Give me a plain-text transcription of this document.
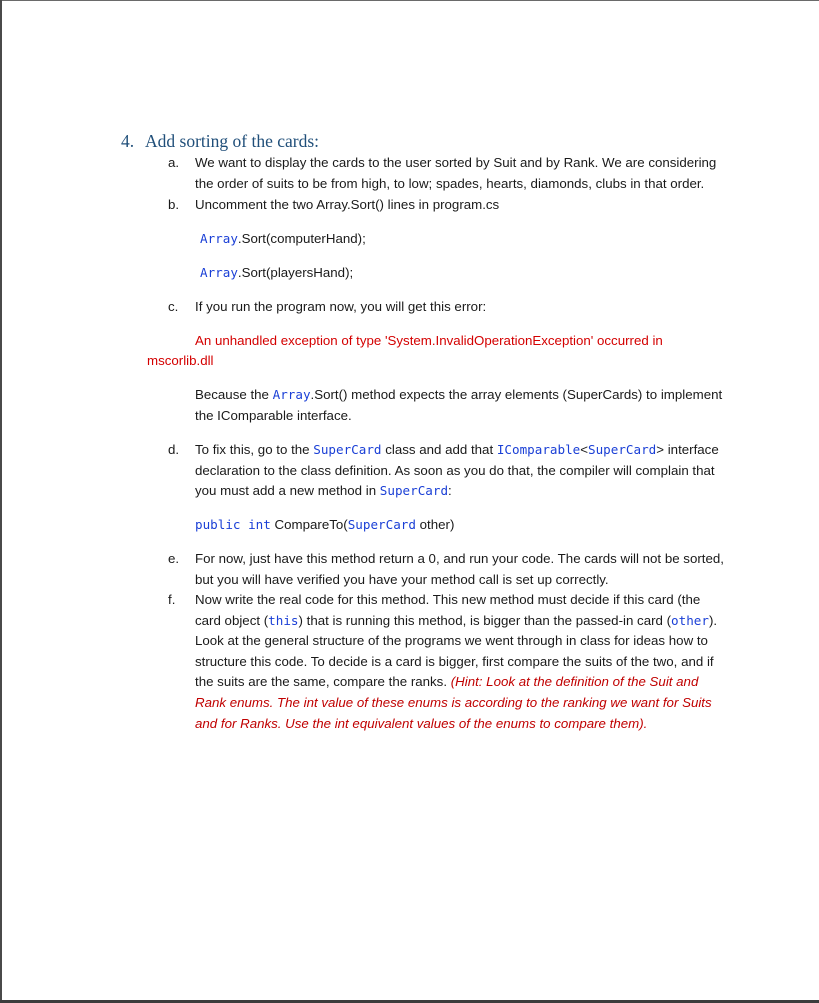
4. Add sorting of the cards:
a.	We want to display the cards to the user sorted by Suit and by Rank. We are considering the order of suits to be from high, to low; spades, hearts, diamonds, clubs in that order.
b.	Uncomment the two Array.Sort() lines in program.cs
Array.Sort(computerHand);
Array.Sort(playersHand);
c.	If you run the program now, you will get this error:
An unhandled exception of type 'System.InvalidOperationException' occurred in
mscorlib.dll
Because the Array.Sort() method expects the array elements (SuperCards) to implement the IComparable interface.
d.	To fix this, go to the SuperCard class and add that IComparable<SuperCard> interface declaration to the class definition. As soon as you do that, the compiler will complain that you must add a new method in SuperCard:
public int CompareTo(SuperCard other)
e.	For now, just have this method return a 0, and run your code. The cards will not be sorted, but you will have verified you have your method call is set up correctly.
f.	Now write the real code for this method. This new method must decide if this card (the card object (this) that is running this method, is bigger than the passed-in card (other). Look at the general structure of the programs we went through in class for ideas how to structure this code. To decide is a card is bigger, first compare the suits of the two, and if the suits are the same, compare the ranks. (Hint: Look at the definition of the Suit and Rank enums. The int value of these enums is according to the ranking we want for Suits and for Ranks. Use the int equivalent values of the enums to compare them).
